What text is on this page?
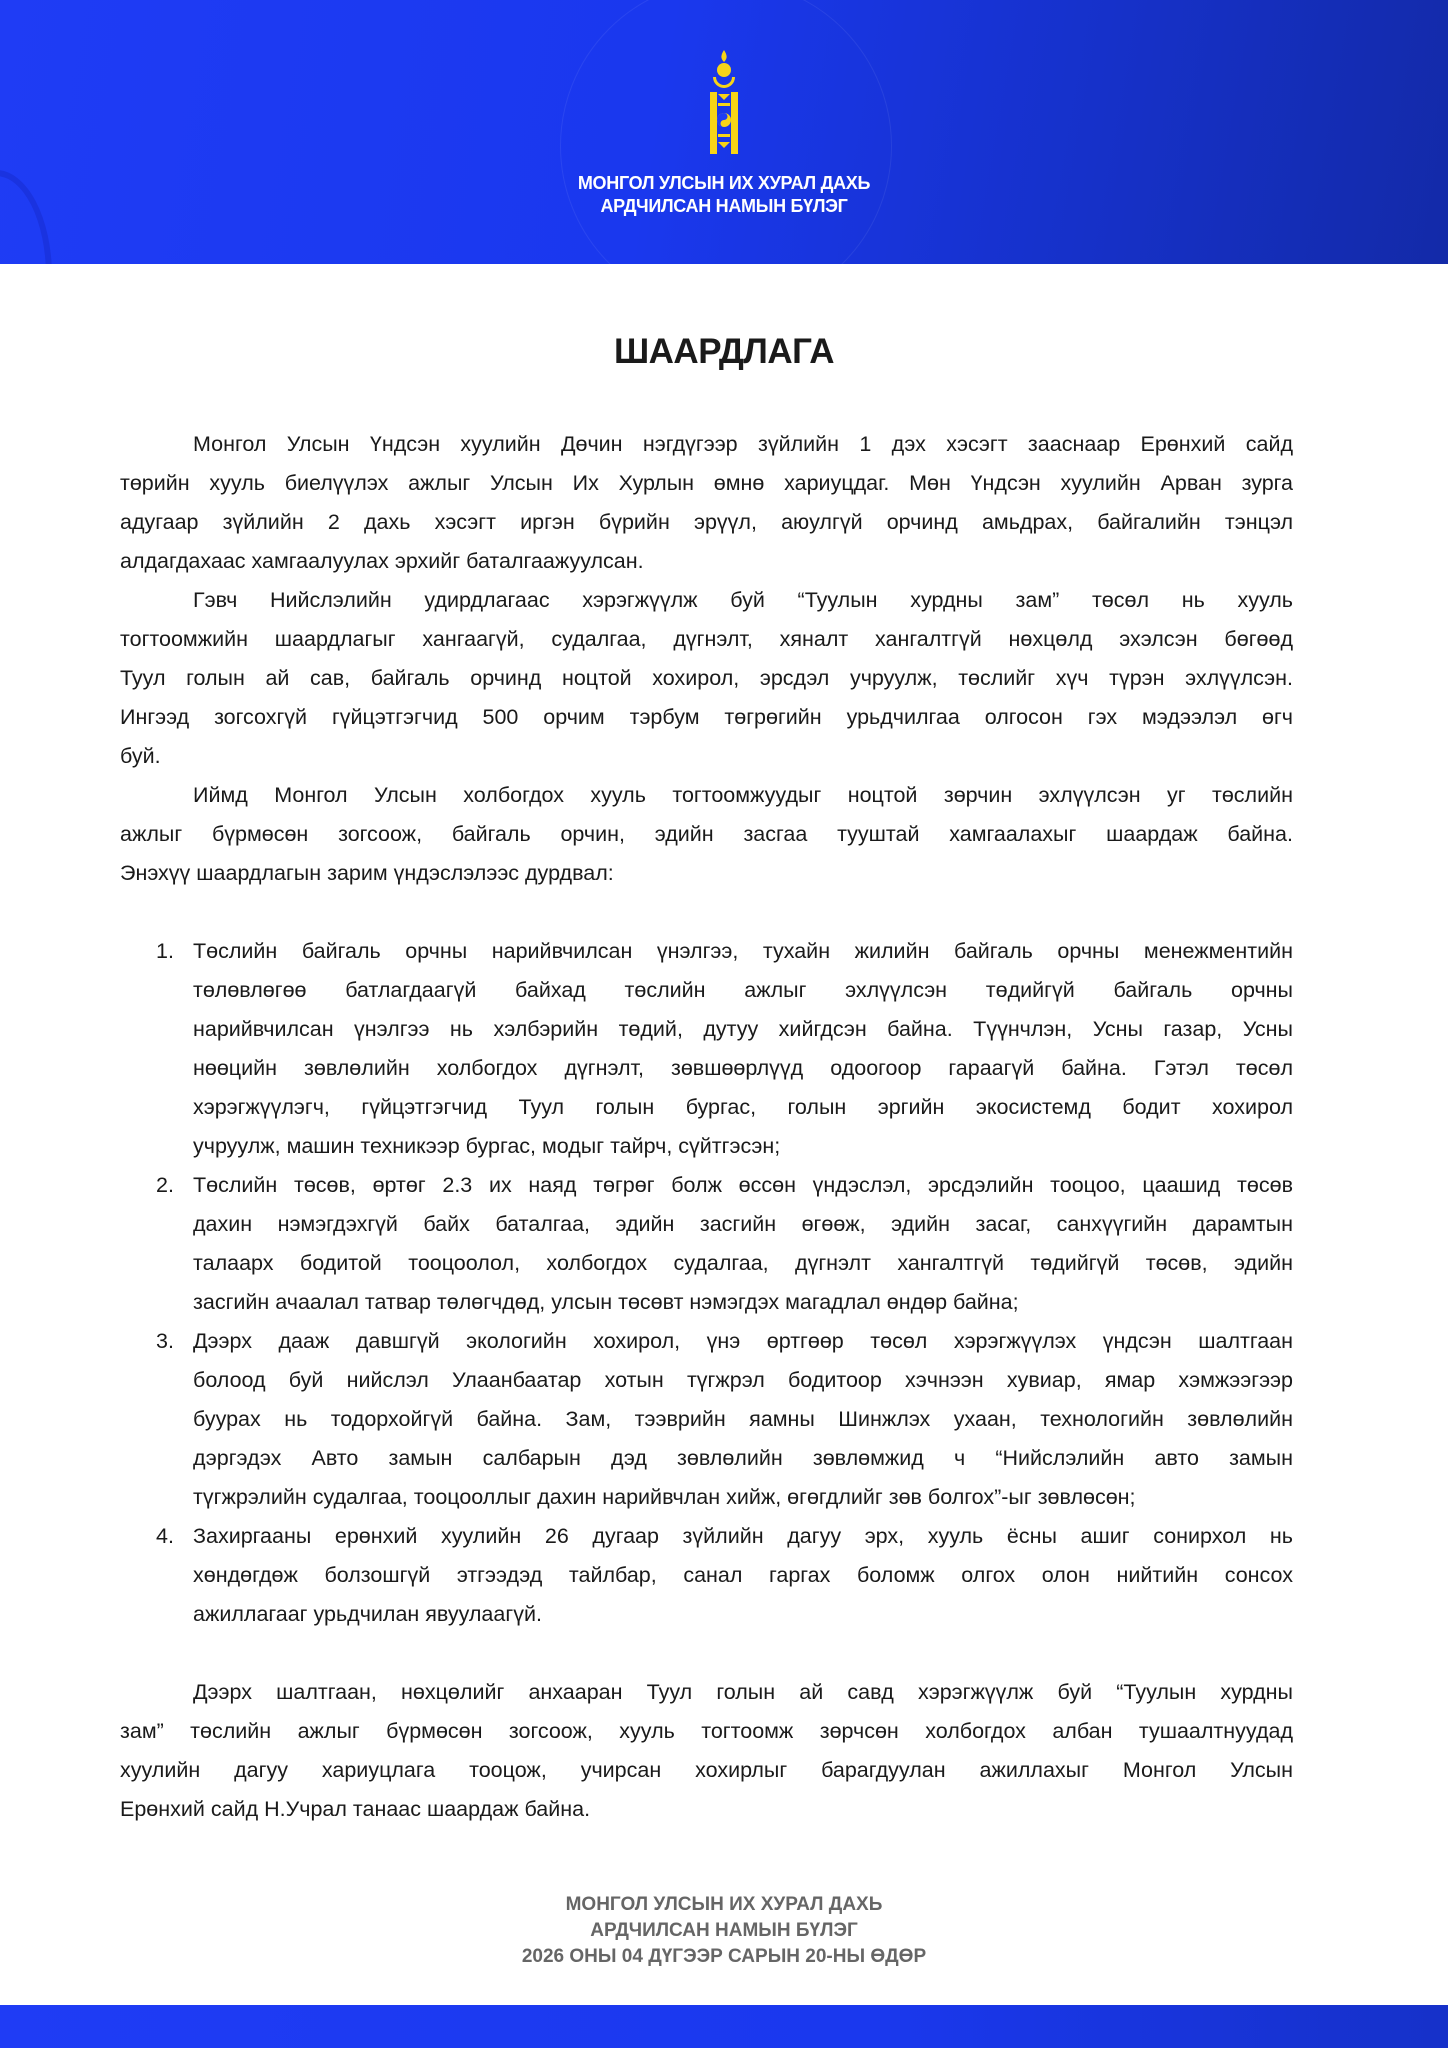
МОНГОЛ УЛСЫН ИХ ХУРАЛ ДАХЬ
АРДЧИЛСАН НАМЫН БҮЛЭГ
ШААРДЛАГА
Монгол Улсын Үндсэн хуулийн Дөчин нэгдүгээр зүйлийн 1 дэх хэсэгт зааснаар Ерөнхий сайд
төрийн хууль биелүүлэх ажлыг Улсын Их Хурлын өмнө хариуцдаг. Мөн Үндсэн хуулийн Арван зурга
адугаар зүйлийн 2 дахь хэсэгт иргэн бүрийн эрүүл, аюулгүй орчинд амьдрах, байгалийн тэнцэл
алдагдахаас хамгаалуулах эрхийг баталгаажуулсан.
Гэвч Нийслэлийн удирдлагаас хэрэгжүүлж буй “Туулын хурдны зам” төсөл нь хууль
тогтоомжийн шаардлагыг хангаагүй, судалгаа, дүгнэлт, хяналт хангалтгүй нөхцөлд эхэлсэн бөгөөд
Туул голын ай сав, байгаль орчинд ноцтой хохирол, эрсдэл учруулж, төслийг хүч түрэн эхлүүлсэн.
Ингээд зогсохгүй гүйцэтгэгчид 500 орчим тэрбум төгрөгийн урьдчилгаа олгосон гэх мэдээлэл өгч
буй.
Иймд Монгол Улсын холбогдох хууль тогтоомжуудыг ноцтой зөрчин эхлүүлсэн уг төслийн
ажлыг бүрмөсөн зогсоож, байгаль орчин, эдийн засгаа тууштай хамгаалахыг шаардаж байна.
Энэхүү шаардлагын зарим үндэслэлээс дурдвал:
1. Төслийн байгаль орчны нарийвчилсан үнэлгээ, тухайн жилийн байгаль орчны менежментийн
төлөвлөгөө батлагдаагүй байхад төслийн ажлыг эхлүүлсэн төдийгүй байгаль орчны
нарийвчилсан үнэлгээ нь хэлбэрийн төдий, дутуу хийгдсэн байна. Түүнчлэн, Усны газар, Усны
нөөцийн зөвлөлийн холбогдох дүгнэлт, зөвшөөрлүүд одоогоор гараагүй байна. Гэтэл төсөл
хэрэгжүүлэгч, гүйцэтгэгчид Туул голын бургас, голын эргийн экосистемд бодит хохирол
учруулж, машин техникээр бургас, модыг тайрч, сүйтгэсэн;
2. Төслийн төсөв, өртөг 2.3 их наяд төгрөг болж өссөн үндэслэл, эрсдэлийн тооцоо, цаашид төсөв
дахин нэмэгдэхгүй байх баталгаа, эдийн засгийн өгөөж, эдийн засаг, санхүүгийн дарамтын
талаарх бодитой тооцоолол, холбогдох судалгаа, дүгнэлт хангалтгүй төдийгүй төсөв, эдийн
засгийн ачаалал татвар төлөгчдөд, улсын төсөвт нэмэгдэх магадлал өндөр байна;
3. Дээрх дааж давшгүй экологийн хохирол, үнэ өртгөөр төсөл хэрэгжүүлэх үндсэн шалтгаан
болоод буй нийслэл Улаанбаатар хотын түгжрэл бодитоор хэчнээн хувиар, ямар хэмжээгээр
буурах нь тодорхойгүй байна. Зам, тээврийн яамны Шинжлэх ухаан, технологийн зөвлөлийн
дэргэдэх Авто замын салбарын дэд зөвлөлийн зөвлөмжид ч “Нийслэлийн авто замын
түгжрэлийн судалгаа, тооцооллыг дахин нарийвчлан хийж, өгөгдлийг зөв болгох”-ыг зөвлөсөн;
4. Захиргааны ерөнхий хуулийн 26 дугаар зүйлийн дагуу эрх, хууль ёсны ашиг сонирхол нь
хөндөгдөж болзошгүй этгээдэд тайлбар, санал гаргах боломж олгох олон нийтийн сонсох
ажиллагааг урьдчилан явуулаагүй.
Дээрх шалтгаан, нөхцөлийг анхааран Туул голын ай савд хэрэгжүүлж буй “Туулын хурдны
зам” төслийн ажлыг бүрмөсөн зогсоож, хууль тогтоомж зөрчсөн холбогдох албан тушаалтнуудад
хуулийн дагуу хариуцлага тооцож, учирсан хохирлыг барагдуулан ажиллахыг Монгол Улсын
Ерөнхий сайд Н.Учрал танаас шаардаж байна.
МОНГОЛ УЛСЫН ИХ ХУРАЛ ДАХЬ
АРДЧИЛСАН НАМЫН БҮЛЭГ
2026 ОНЫ 04 ДҮГЭЭР САРЫН 20-НЫ ӨДӨР
